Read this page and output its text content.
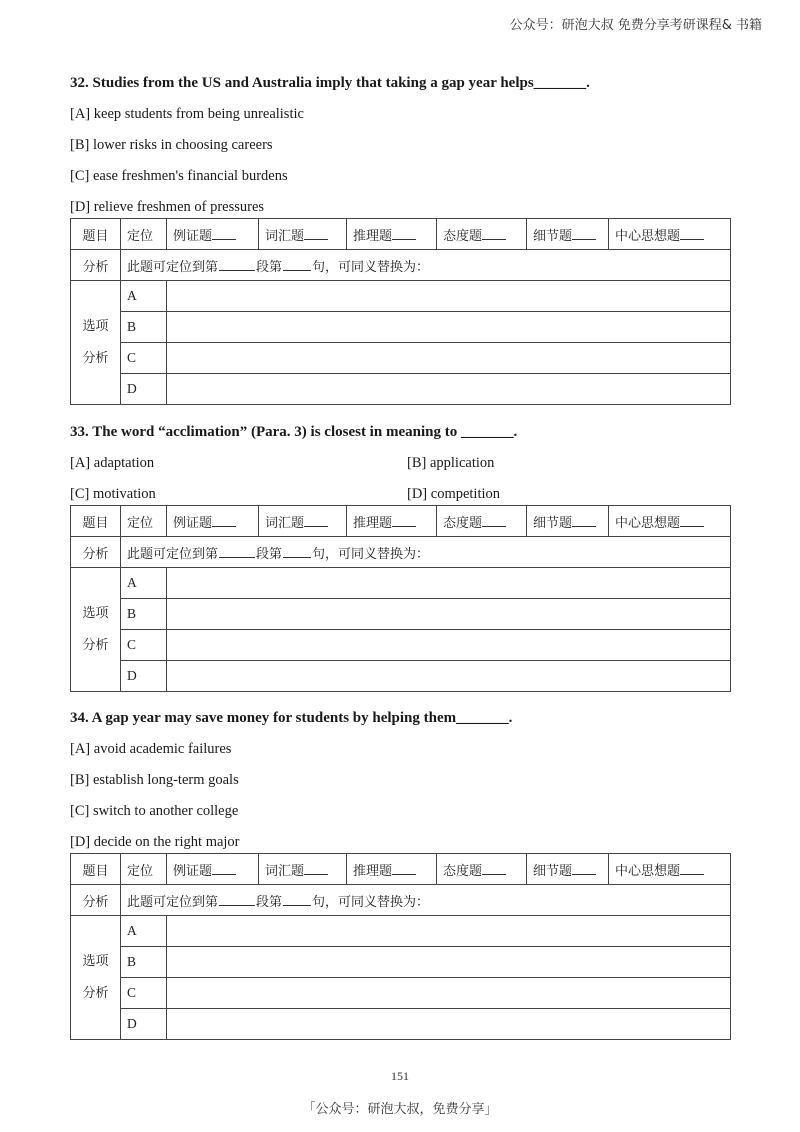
公众号：研泡大叔 免费分享考研课程& 书籍
32. Studies from the US and Australia imply that taking a gap year helps_______.
[A] keep students from being unrealistic
[B] lower risks in choosing careers
[C] ease freshmen's financial burdens
[D] relieve freshmen of pressures
题目	定位	例证题	词汇题	推理题	态度题	细节题	中心思想题
分析	此题可定位到第 段第 句，可同义替换为：						
选项
分析	A						
	B						
	C						
	D						
33. The word “acclimation” (Para. 3) is closest in meaning to _______.
[A] adaptation	[B] application
[C] motivation	[D] competition
题目	定位	例证题	词汇题	推理题	态度题	细节题	中心思想题
分析	此题可定位到第 段第 句，可同义替换为：						
选项
分析	A						
	B						
	C						
	D						
34. A gap year may save money for students by helping them_______.
[A] avoid academic failures
[B] establish long-term goals
[C] switch to another college
[D] decide on the right major
题目	定位	例证题	词汇题	推理题	态度题	细节题	中心思想题
分析	此题可定位到第 段第 句，可同义替换为：						
选项
分析	A						
	B						
	C						
	D						
151
「公众号：研泡大叔，免费分享」
